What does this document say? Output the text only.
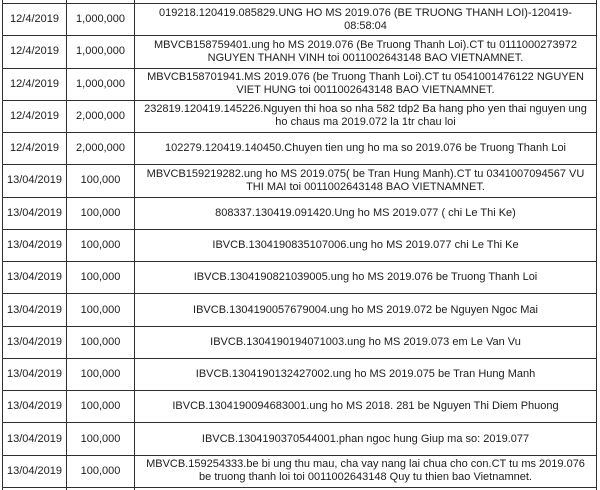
12/4/2019	1,000,000
019218.120419.085829.UNG HO MS 2019.076 (BE TRUONG THANH LOI)-120419-08:58:04
12/4/2019	1,000,000
MBVCB158759401.ung ho MS 2019.076 (Be Truong Thanh Loi).CT tu 0111000273972 NGUYEN THANH VINH toi 0011002643148 BAO VIETNAMNET.
12/4/2019	1,000,000
MBVCB158701941.MS 2019.076 (be Truong Thanh Loi).CT tu 0541001476122 NGUYEN VIET HUNG toi 0011002643148 BAO VIETNAMNET.
12/4/2019	2,000,000
232819.120419.145226.Nguyen thi hoa so nha 582 tdp2 Ba hang pho yen thai nguyen ung ho chaus ma 2019.072 la 1tr chau loi
12/4/2019	2,000,000	102279.120419.140450.Chuyen tien ung ho ma so 2019.076 be Truong Thanh Loi
13/04/2019	100,000
MBVCB159219282.ung ho MS 2019.075( be Tran Hung Manh).CT tu 0341007094567 VU THI MAI toi 0011002643148 BAO VIETNAMNET.
13/04/2019	100,000	808337.130419.091420.Ung ho MS 2019.077 ( chi Le Thi Ke)
13/04/2019	100,000	IBVCB.1304190835107006.ung ho MS 2019.077 chi Le Thi Ke
13/04/2019	100,000	IBVCB.1304190821039005.ung ho MS 2019.076 be Truong Thanh Loi
13/04/2019	100,000	IBVCB.1304190057679004.ung ho MS 2019.072 be Nguyen Ngoc Mai
13/04/2019	100,000	IBVCB.1304190194071003.ung ho MS 2019.073 em Le Van Vu
13/04/2019	100,000	IBVCB.1304190132427002.ung ho MS 2019.075 be Tran Hung Manh
13/04/2019	100,000	IBVCB.1304190094683001.ung ho MS 2018. 281 be Nguyen Thi Diem Phuong
13/04/2019	100,000	IBVCB.1304190370544001.phan ngoc hung Giup ma so: 2019.077
13/04/2019	100,000
MBVCB.159254333.be bi ung thu mau, cha vay nang lai chua cho con.CT tu ms 2019.076 be truong thanh loi toi 0011002643148 Quy tu thien bao Vietnamnet.
